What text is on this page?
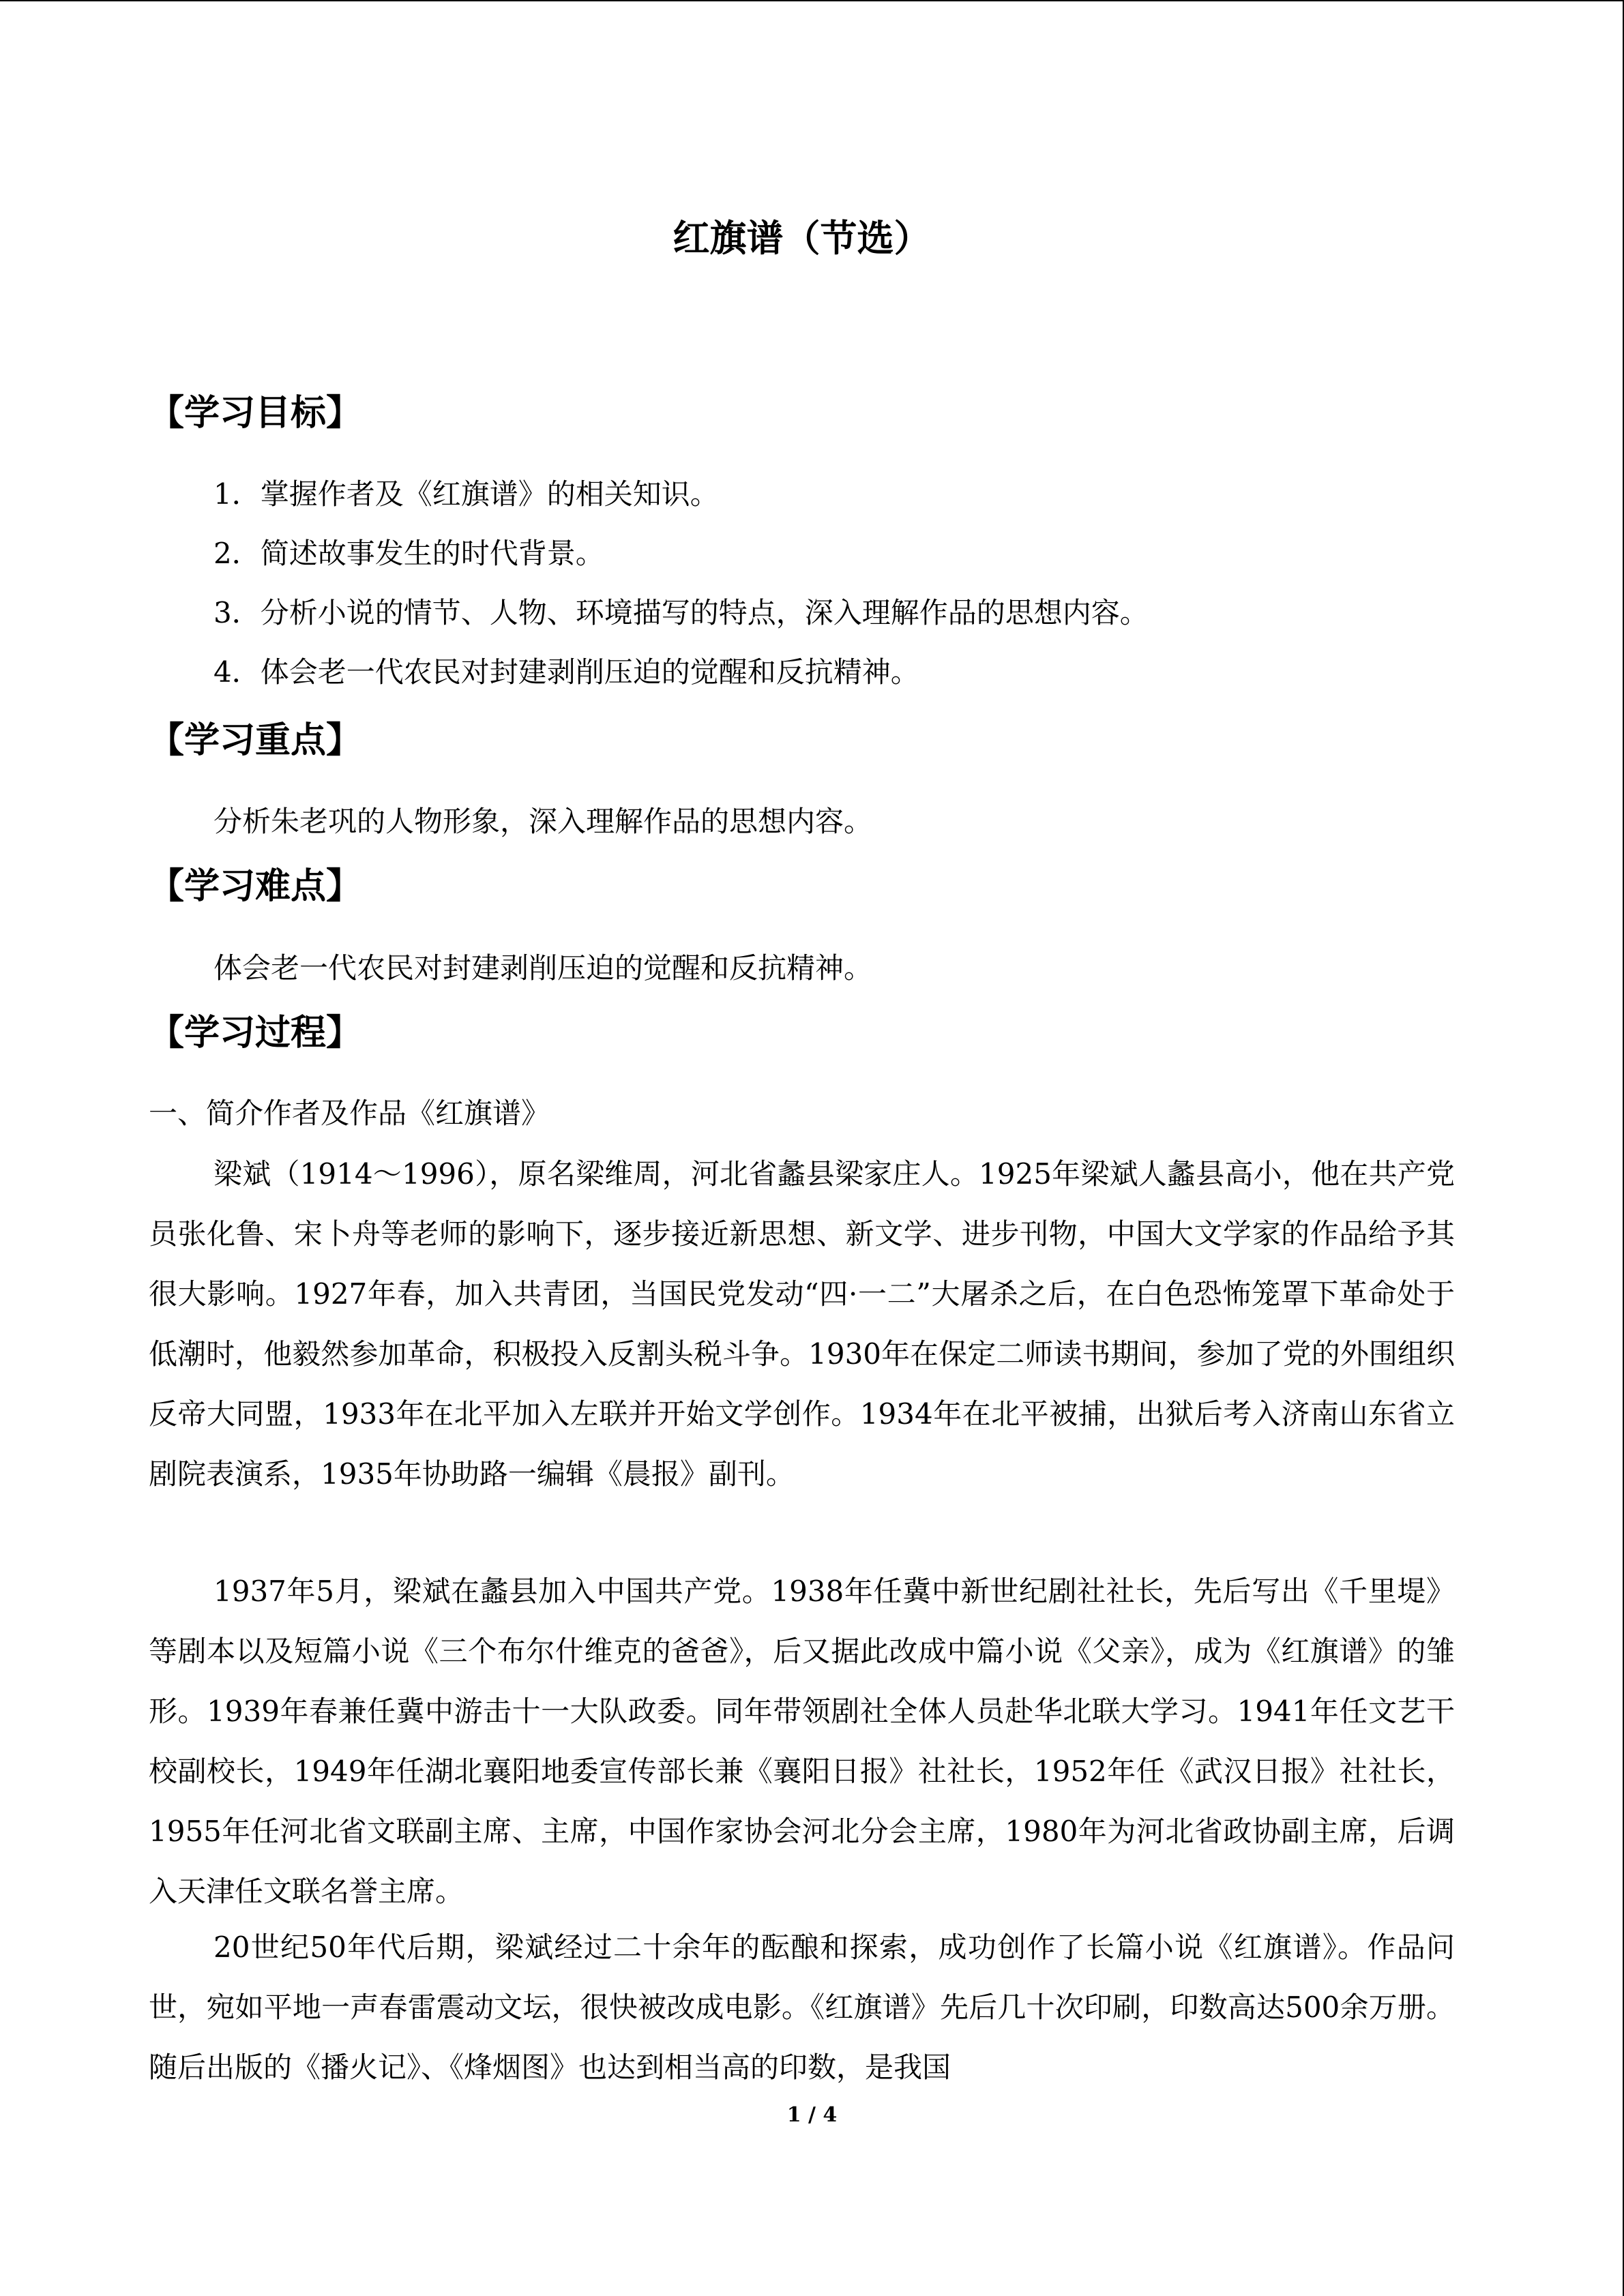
红旗谱（节选）
【学习目标】
1．掌握作者及《红旗谱》的相关知识。
2．简述故事发生的时代背景。
3．分析小说的情节、人物、环境描写的特点，深入理解作品的思想内容。
4．体会老一代农民对封建剥削压迫的觉醒和反抗精神。
【学习重点】
分析朱老巩的人物形象，深入理解作品的思想内容。
【学习难点】
体会老一代农民对封建剥削压迫的觉醒和反抗精神。
【学习过程】
一、简介作者及作品《红旗谱》

梁斌（1914～1996），原名梁维周，河北省蠡县梁家庄人。1925年梁斌人蠡县高小，他在共产党员张化鲁、宋卜舟等老师的影响下，逐步接近新思想、新文学、进步刊物，中国大文学家的作品给予其很大影响。1927年春，加入共青团，当国民党发动“四·一二”大屠杀之后，在白色恐怖笼罩下革命处于低潮时，他毅然参加革命，积极投入反割头税斗争。1930年在保定二师读书期间，参加了党的外围组织反帝大同盟，1933年在北平加入左联并开始文学创作。1934年在北平被捕，出狱后考入济南山东省立剧院表演系，1935年协助路一编辑《晨报》副刊。

1937年5月，梁斌在蠡县加入中国共产党。1938年任冀中新世纪剧社社长，先后写出《千里堤》等剧本以及短篇小说《三个布尔什维克的爸爸》，后又据此改成中篇小说《父亲》，成为《红旗谱》的雏形。1939年春兼任冀中游击十一大队政委。同年带领剧社全体人员赴华北联大学习。1941年任文艺干校副校长，1949年任湖北襄阳地委宣传部长兼《襄阳日报》社社长，1952年任《武汉日报》社社长，1955年任河北省文联副主席、主席，中国作家协会河北分会主席，1980年为河北省政协副主席，后调入天津任文联名誉主席。

20世纪50年代后期，梁斌经过二十余年的酝酿和探索，成功创作了长篇小说《红旗谱》。作品问世，宛如平地一声春雷震动文坛，很快被改成电影。《红旗谱》先后几十次印刷，印数高达500余万册。随后出版的《播火记》、《烽烟图》也达到相当高的印数，是我国

1 / 4
